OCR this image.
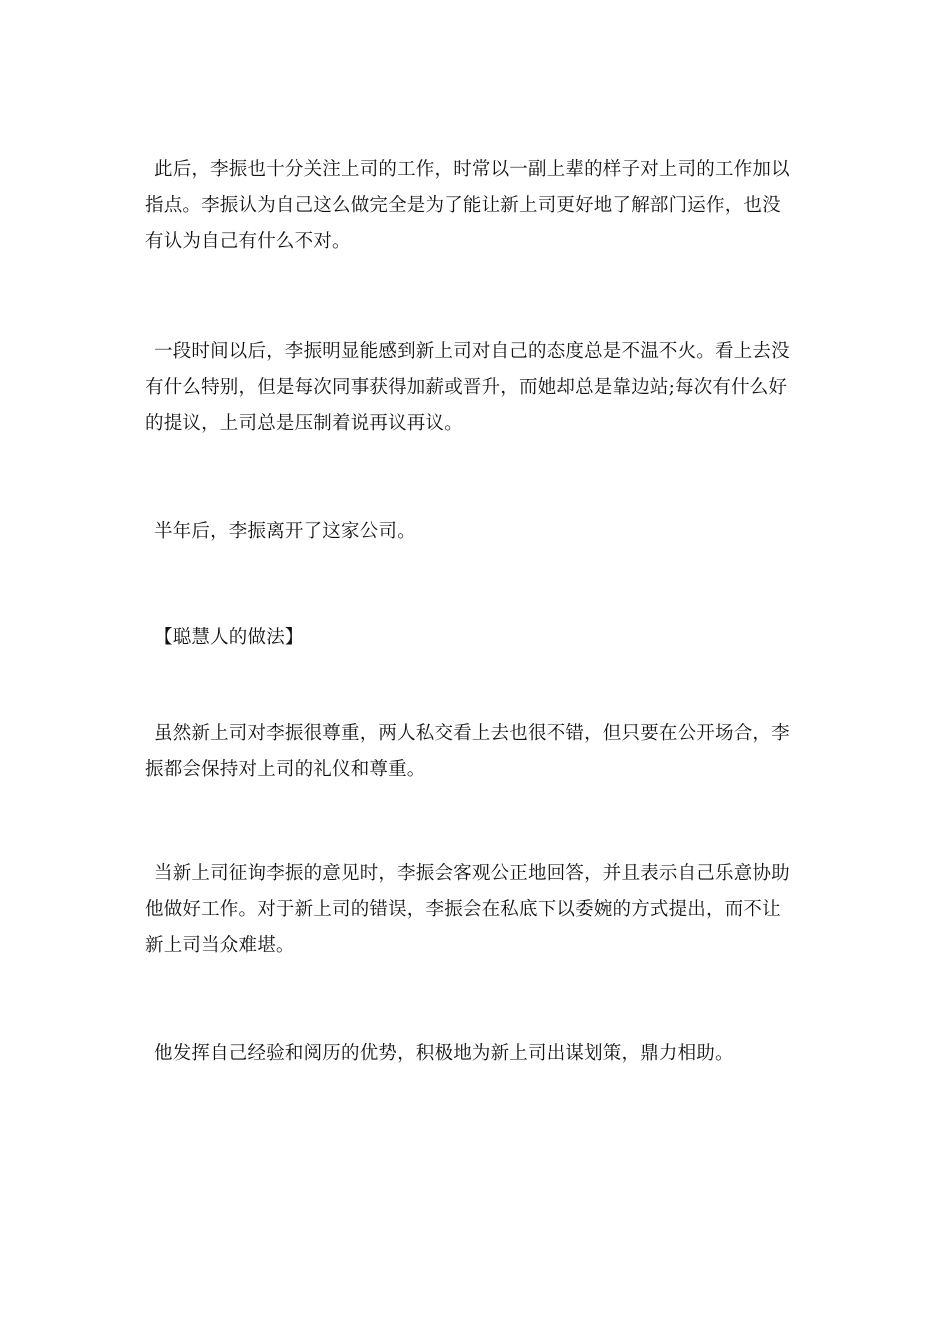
此后，李振也十分关注上司的工作，时常以一副上辈的样子对上司的工作加以
指点。李振认为自己这么做完全是为了能让新上司更好地了解部门运作，也没
有认为自己有什么不对。

一段时间以后，李振明显能感到新上司对自己的态度总是不温不火。看上去没
有什么特别，但是每次同事获得加薪或晋升，而她却总是靠边站;每次有什么好
的提议，上司总是压制着说再议再议。

半年后，李振离开了这家公司。

【聪慧人的做法】

虽然新上司对李振很尊重，两人私交看上去也很不错，但只要在公开场合，李
振都会保持对上司的礼仪和尊重。

当新上司征询李振的意见时，李振会客观公正地回答，并且表示自己乐意协助
他做好工作。对于新上司的错误，李振会在私底下以委婉的方式提出，而不让
新上司当众难堪。

他发挥自己经验和阅历的优势，积极地为新上司出谋划策，鼎力相助。
